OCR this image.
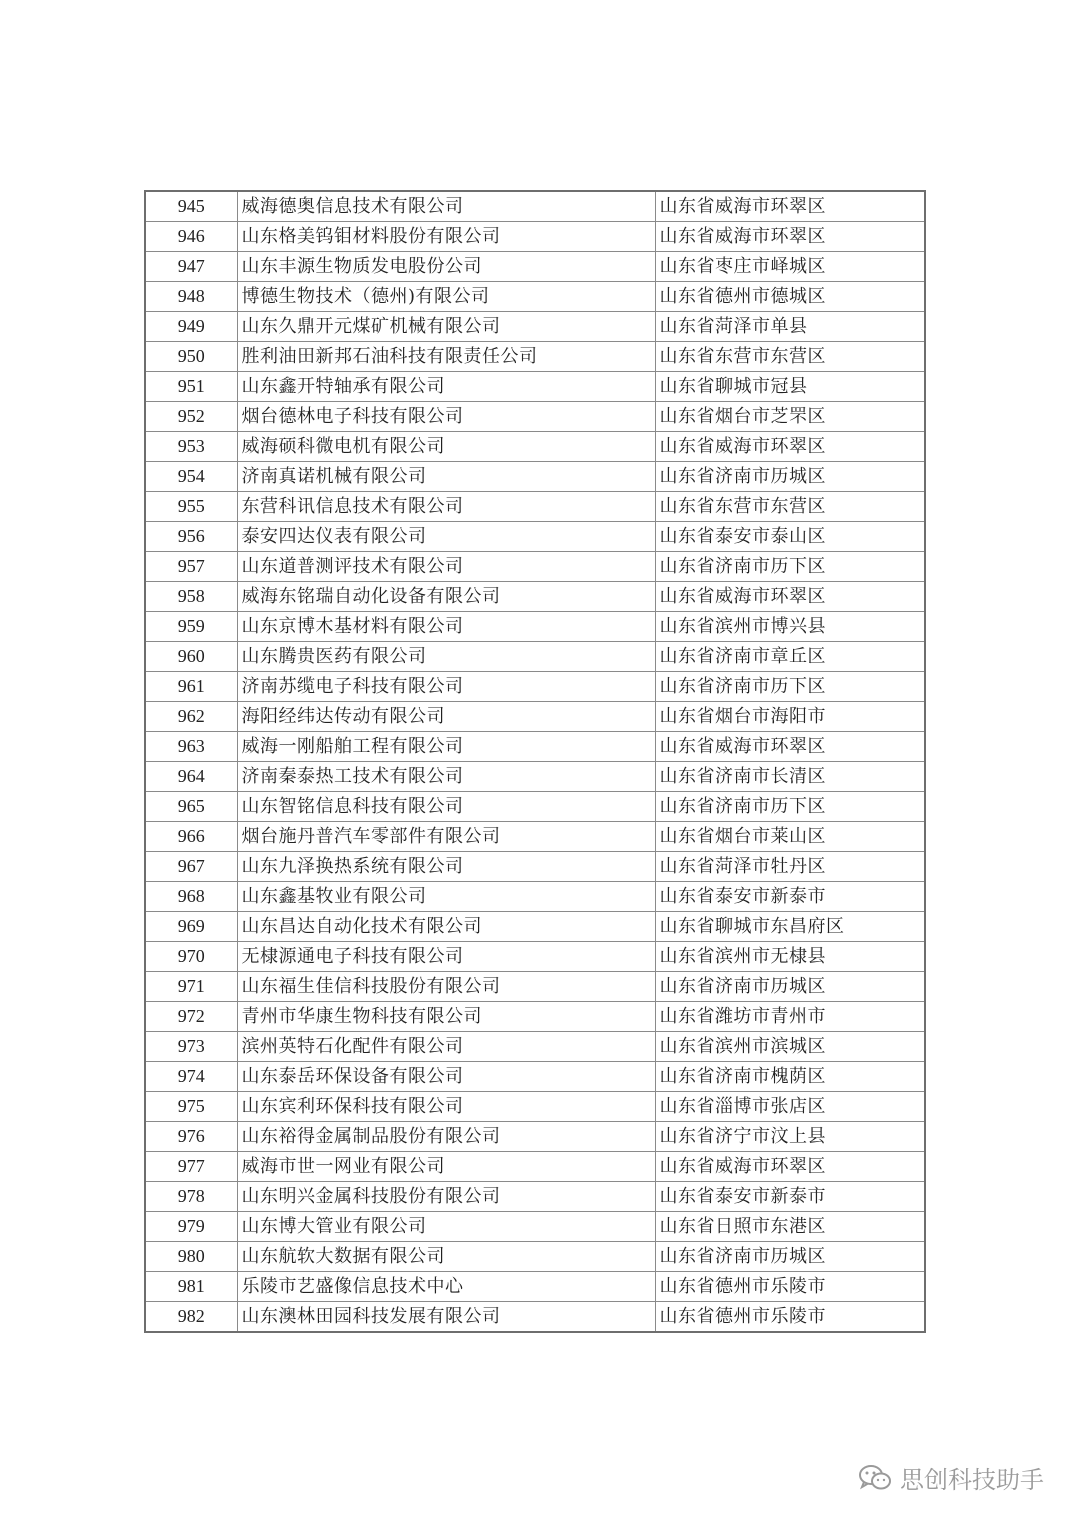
945	威海德奥信息技术有限公司	山东省威海市环翠区
946	山东格美钨钼材料股份有限公司	山东省威海市环翠区
947	山东丰源生物质发电股份公司	山东省枣庄市峄城区
948	博德生物技术（德州)有限公司	山东省德州市德城区
949	山东久鼎开元煤矿机械有限公司	山东省菏泽市单县
950	胜利油田新邦石油科技有限责任公司	山东省东营市东营区
951	山东鑫开特轴承有限公司	山东省聊城市冠县
952	烟台德林电子科技有限公司	山东省烟台市芝罘区
953	威海硕科微电机有限公司	山东省威海市环翠区
954	济南真诺机械有限公司	山东省济南市历城区
955	东营科讯信息技术有限公司	山东省东营市东营区
956	泰安四达仪表有限公司	山东省泰安市泰山区
957	山东道普测评技术有限公司	山东省济南市历下区
958	威海东铭瑞自动化设备有限公司	山东省威海市环翠区
959	山东京博木基材料有限公司	山东省滨州市博兴县
960	山东腾贵医药有限公司	山东省济南市章丘区
961	济南苏缆电子科技有限公司	山东省济南市历下区
962	海阳经纬达传动有限公司	山东省烟台市海阳市
963	威海一刚船舶工程有限公司	山东省威海市环翠区
964	济南秦泰热工技术有限公司	山东省济南市长清区
965	山东智铭信息科技有限公司	山东省济南市历下区
966	烟台施丹普汽车零部件有限公司	山东省烟台市莱山区
967	山东九泽换热系统有限公司	山东省菏泽市牡丹区
968	山东鑫基牧业有限公司	山东省泰安市新泰市
969	山东昌达自动化技术有限公司	山东省聊城市东昌府区
970	无棣源通电子科技有限公司	山东省滨州市无棣县
971	山东福生佳信科技股份有限公司	山东省济南市历城区
972	青州市华康生物科技有限公司	山东省潍坊市青州市
973	滨州英特石化配件有限公司	山东省滨州市滨城区
974	山东泰岳环保设备有限公司	山东省济南市槐荫区
975	山东宾利环保科技有限公司	山东省淄博市张店区
976	山东裕得金属制品股份有限公司	山东省济宁市汶上县
977	威海市世一网业有限公司	山东省威海市环翠区
978	山东明兴金属科技股份有限公司	山东省泰安市新泰市
979	山东博大管业有限公司	山东省日照市东港区
980	山东航软大数据有限公司	山东省济南市历城区
981	乐陵市艺盛像信息技术中心	山东省德州市乐陵市
982	山东澳林田园科技发展有限公司	山东省德州市乐陵市
思创科技助手
